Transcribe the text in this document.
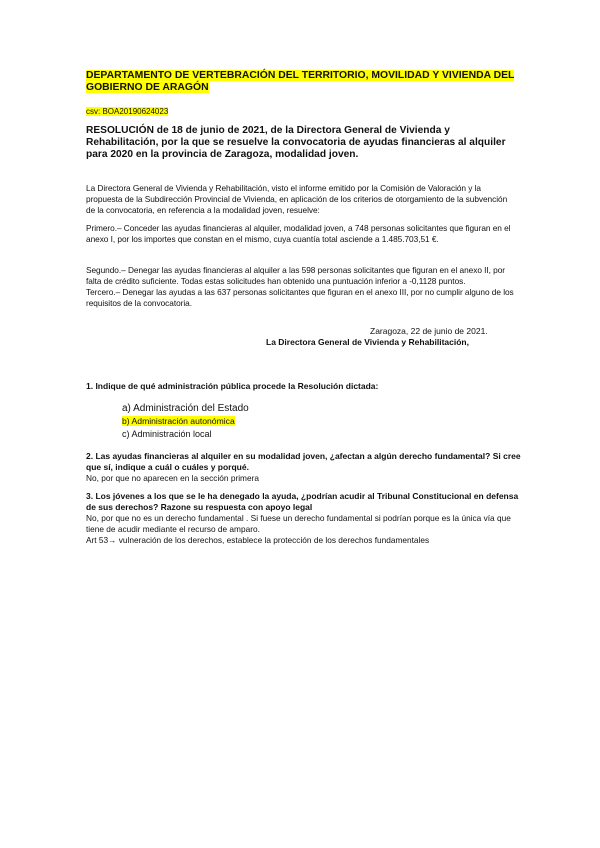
DEPARTAMENTO DE VERTEBRACIÓN DEL TERRITORIO, MOVILIDAD Y VIVIENDA DEL GOBIERNO DE ARAGÓN
csv: BOA20190624023
RESOLUCIÓN de 18 de junio de 2021, de la Directora General de Vivienda y Rehabilitación, por la que se resuelve la convocatoria de ayudas financieras al alquiler para 2020 en la provincia de Zaragoza, modalidad joven.
La Directora General de Vivienda y Rehabilitación, visto el informe emitido por la Comisión de Valoración y la propuesta de la Subdirección Provincial de Vivienda, en aplicación de los criterios de otorgamiento de la subvención de la convocatoria, en referencia a la modalidad joven, resuelve:
Primero.– Conceder las ayudas financieras al alquiler, modalidad joven, a 748 personas solicitantes que figuran en el anexo I, por los importes que constan en el mismo, cuya cuantía total asciende a 1.485.703,51 €.
Segundo.– Denegar las ayudas financieras al alquiler a las 598 personas solicitantes que figuran en el anexo II, por falta de crédito suficiente. Todas estas solicitudes han obtenido una puntuación inferior a -0,1128 puntos.
Tercero.– Denegar las ayudas a las 637 personas solicitantes que figuran en el anexo III, por no cumplir alguno de los requisitos de la convocatoria.
Zaragoza, 22 de junio de 2021.
La Directora General de Vivienda y Rehabilitación,
1. Indique de qué administración pública procede la Resolución dictada:
a) Administración del Estado
b) Administración autonómica
c) Administración local
2. Las ayudas financieras al alquiler en su modalidad joven, ¿afectan a algún derecho fundamental? Si cree que sí, indique a cuál o cuáles y porqué.
No, por que no aparecen en la sección primera
3. Los jóvenes a los que se le ha denegado la ayuda, ¿podrían acudir al Tribunal Constitucional en defensa de sus derechos? Razone su respuesta con apoyo legal
No, por que no es un derecho fundamental . Si fuese un derecho fundamental si podrían porque es la única vía que tiene de acudir mediante el recurso de amparo.
Art 53→ vulneración de los derechos, establece la protección de los derechos fundamentales
